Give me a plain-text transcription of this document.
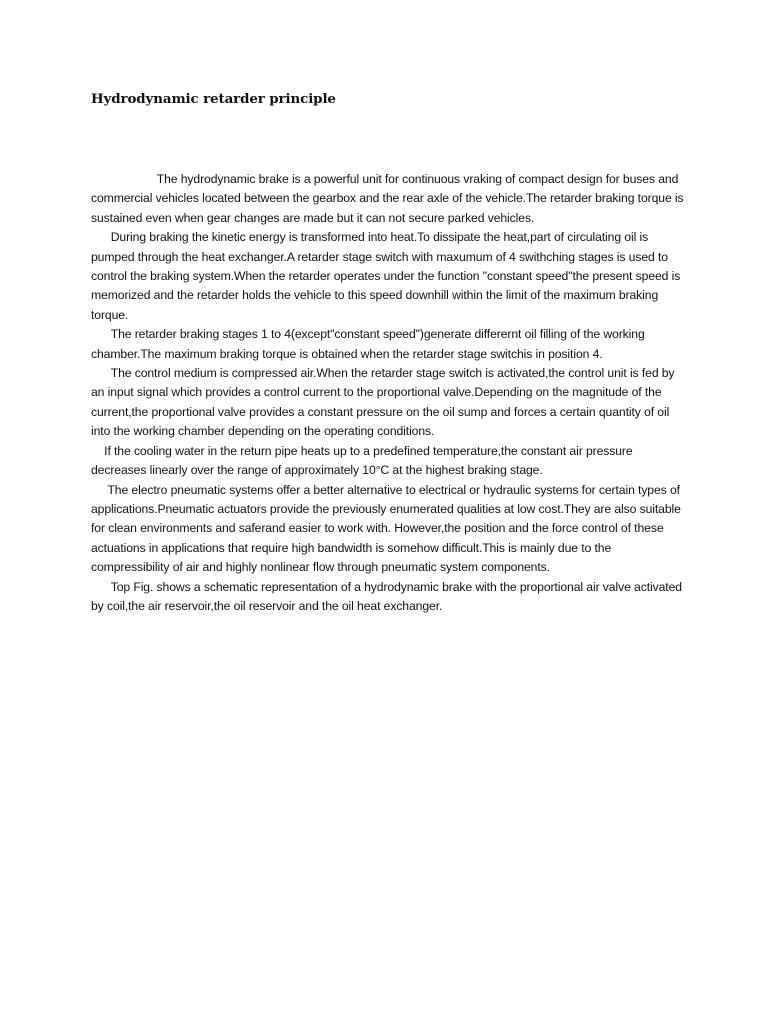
Hydrodynamic retarder principle

The hydrodynamic brake is a powerful unit for continuous vraking of compact design for buses and commercial vehicles located between the gearbox and the rear axle of the vehicle.The retarder braking torque is sustained even when gear changes are made but it can not secure parked vehicles.

During braking the kinetic energy is transformed into heat.To dissipate the heat,part of circulating oil is pumped through the heat exchanger.A retarder stage switch with maxumum of 4 swithching stages is used to control the braking system.When the retarder operates under the function "constant speed"the present speed is memorized and the retarder holds the vehicle to this speed downhill within the limit of the maximum braking torque.

The retarder braking stages 1 to 4(except"constant speed")generate differernt oil filling of the working chamber.The maximum braking torque is obtained when the retarder stage switchis in position 4.

The control medium is compressed air.When the retarder stage switch is activated,the control unit is fed by an input signal which provides a control current to the proportional valve.Depending on the magnitude of the current,the proportional valve provides a constant pressure on the oil sump and forces a certain quantity of oil into the working chamber depending on the operating conditions.

If the cooling water in the return pipe heats up to a predefined temperature,the constant air pressure decreases linearly over the range of approximately 10°C at the highest braking stage.

The electro pneumatic systems offer a better alternative to electrical or hydraulic systems for certain types of applications.Pneumatic actuators provide the previously enumerated qualities at low cost.They are also suitable for clean environments and saferand easier to work with. However,the position and the force control of these actuations in applications that require high bandwidth is somehow difficult.This is mainly due to the compressibility of air and highly nonlinear flow through pneumatic system components.

Top Fig. shows a schematic representation of a hydrodynamic brake with the proportional air valve activated by coil,the air reservoir,the oil reservoir and the oil heat exchanger.
